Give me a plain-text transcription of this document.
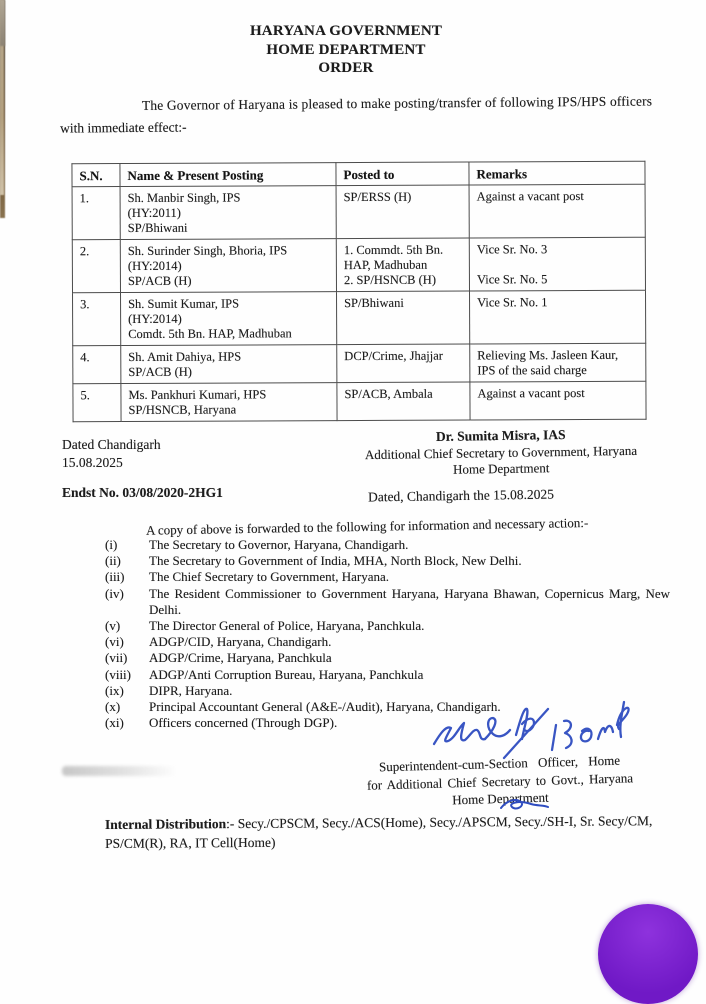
HARYANA GOVERNMENT
HOME DEPARTMENT
ORDER
The Governor of Haryana is pleased to make posting/transfer of following IPS/HPS officers
with immediate effect:-
S.N.	Name & Present Posting	Posted to	Remarks
1.	Sh. Manbir Singh, IPS
(HY:2011)
SP/Bhiwani	SP/ERSS (H)	Against a vacant post
2.	Sh. Surinder Singh, Bhoria, IPS
(HY:2014)
SP/ACB (H)	1. Commdt. 5th Bn.
HAP, Madhuban
2. SP/HSNCB (H)	Vice Sr. No. 3

Vice Sr. No. 5
3.	Sh. Sumit Kumar, IPS
(HY:2014)
Comdt. 5th Bn. HAP, Madhuban	SP/Bhiwani	Vice Sr. No. 1
4.	Sh. Amit Dahiya, HPS
SP/ACB (H)	DCP/Crime, Jhajjar	Relieving Ms. Jasleen Kaur, IPS of the said charge
5.	Ms. Pankhuri Kumari, HPS
SP/HSNCB, Haryana	SP/ACB, Ambala	Against a vacant post
Dated Chandigarh
15.08.2025
Dr. Sumita Misra, IAS
Additional Chief Secretary to Government, Haryana
Home Department
Endst No. 03/08/2020-2HG1	Dated, Chandigarh the 15.08.2025
A copy of above is forwarded to the following for information and necessary action:-
(i)	The Secretary to Governor, Haryana, Chandigarh.
(ii)	The Secretary to Government of India, MHA, North Block, New Delhi.
(iii)	The Chief Secretary to Government, Haryana.
(iv)	The Resident Commissioner to Government Haryana, Haryana Bhawan, Copernicus Marg, New Delhi.
(v)	The Director General of Police, Haryana, Panchkula.
(vi)	ADGP/CID, Haryana, Chandigarh.
(vii)	ADGP/Crime, Haryana, Panchkula
(viii)	ADGP/Anti Corruption Bureau, Haryana, Panchkula
(ix)	DIPR, Haryana.
(x)	Principal Accountant General (A&E-/Audit), Haryana, Chandigarh.
(xi)	Officers concerned (Through DGP).
Superintendent-cum-Section Officer, Home
for Additional Chief Secretary to Govt., Haryana
Home Department
Internal Distribution:- Secy./CPSCM, Secy./ACS(Home), Secy./APSCM, Secy./SH-I, Sr. Secy/CM, PS/CM(R), RA, IT Cell(Home)
